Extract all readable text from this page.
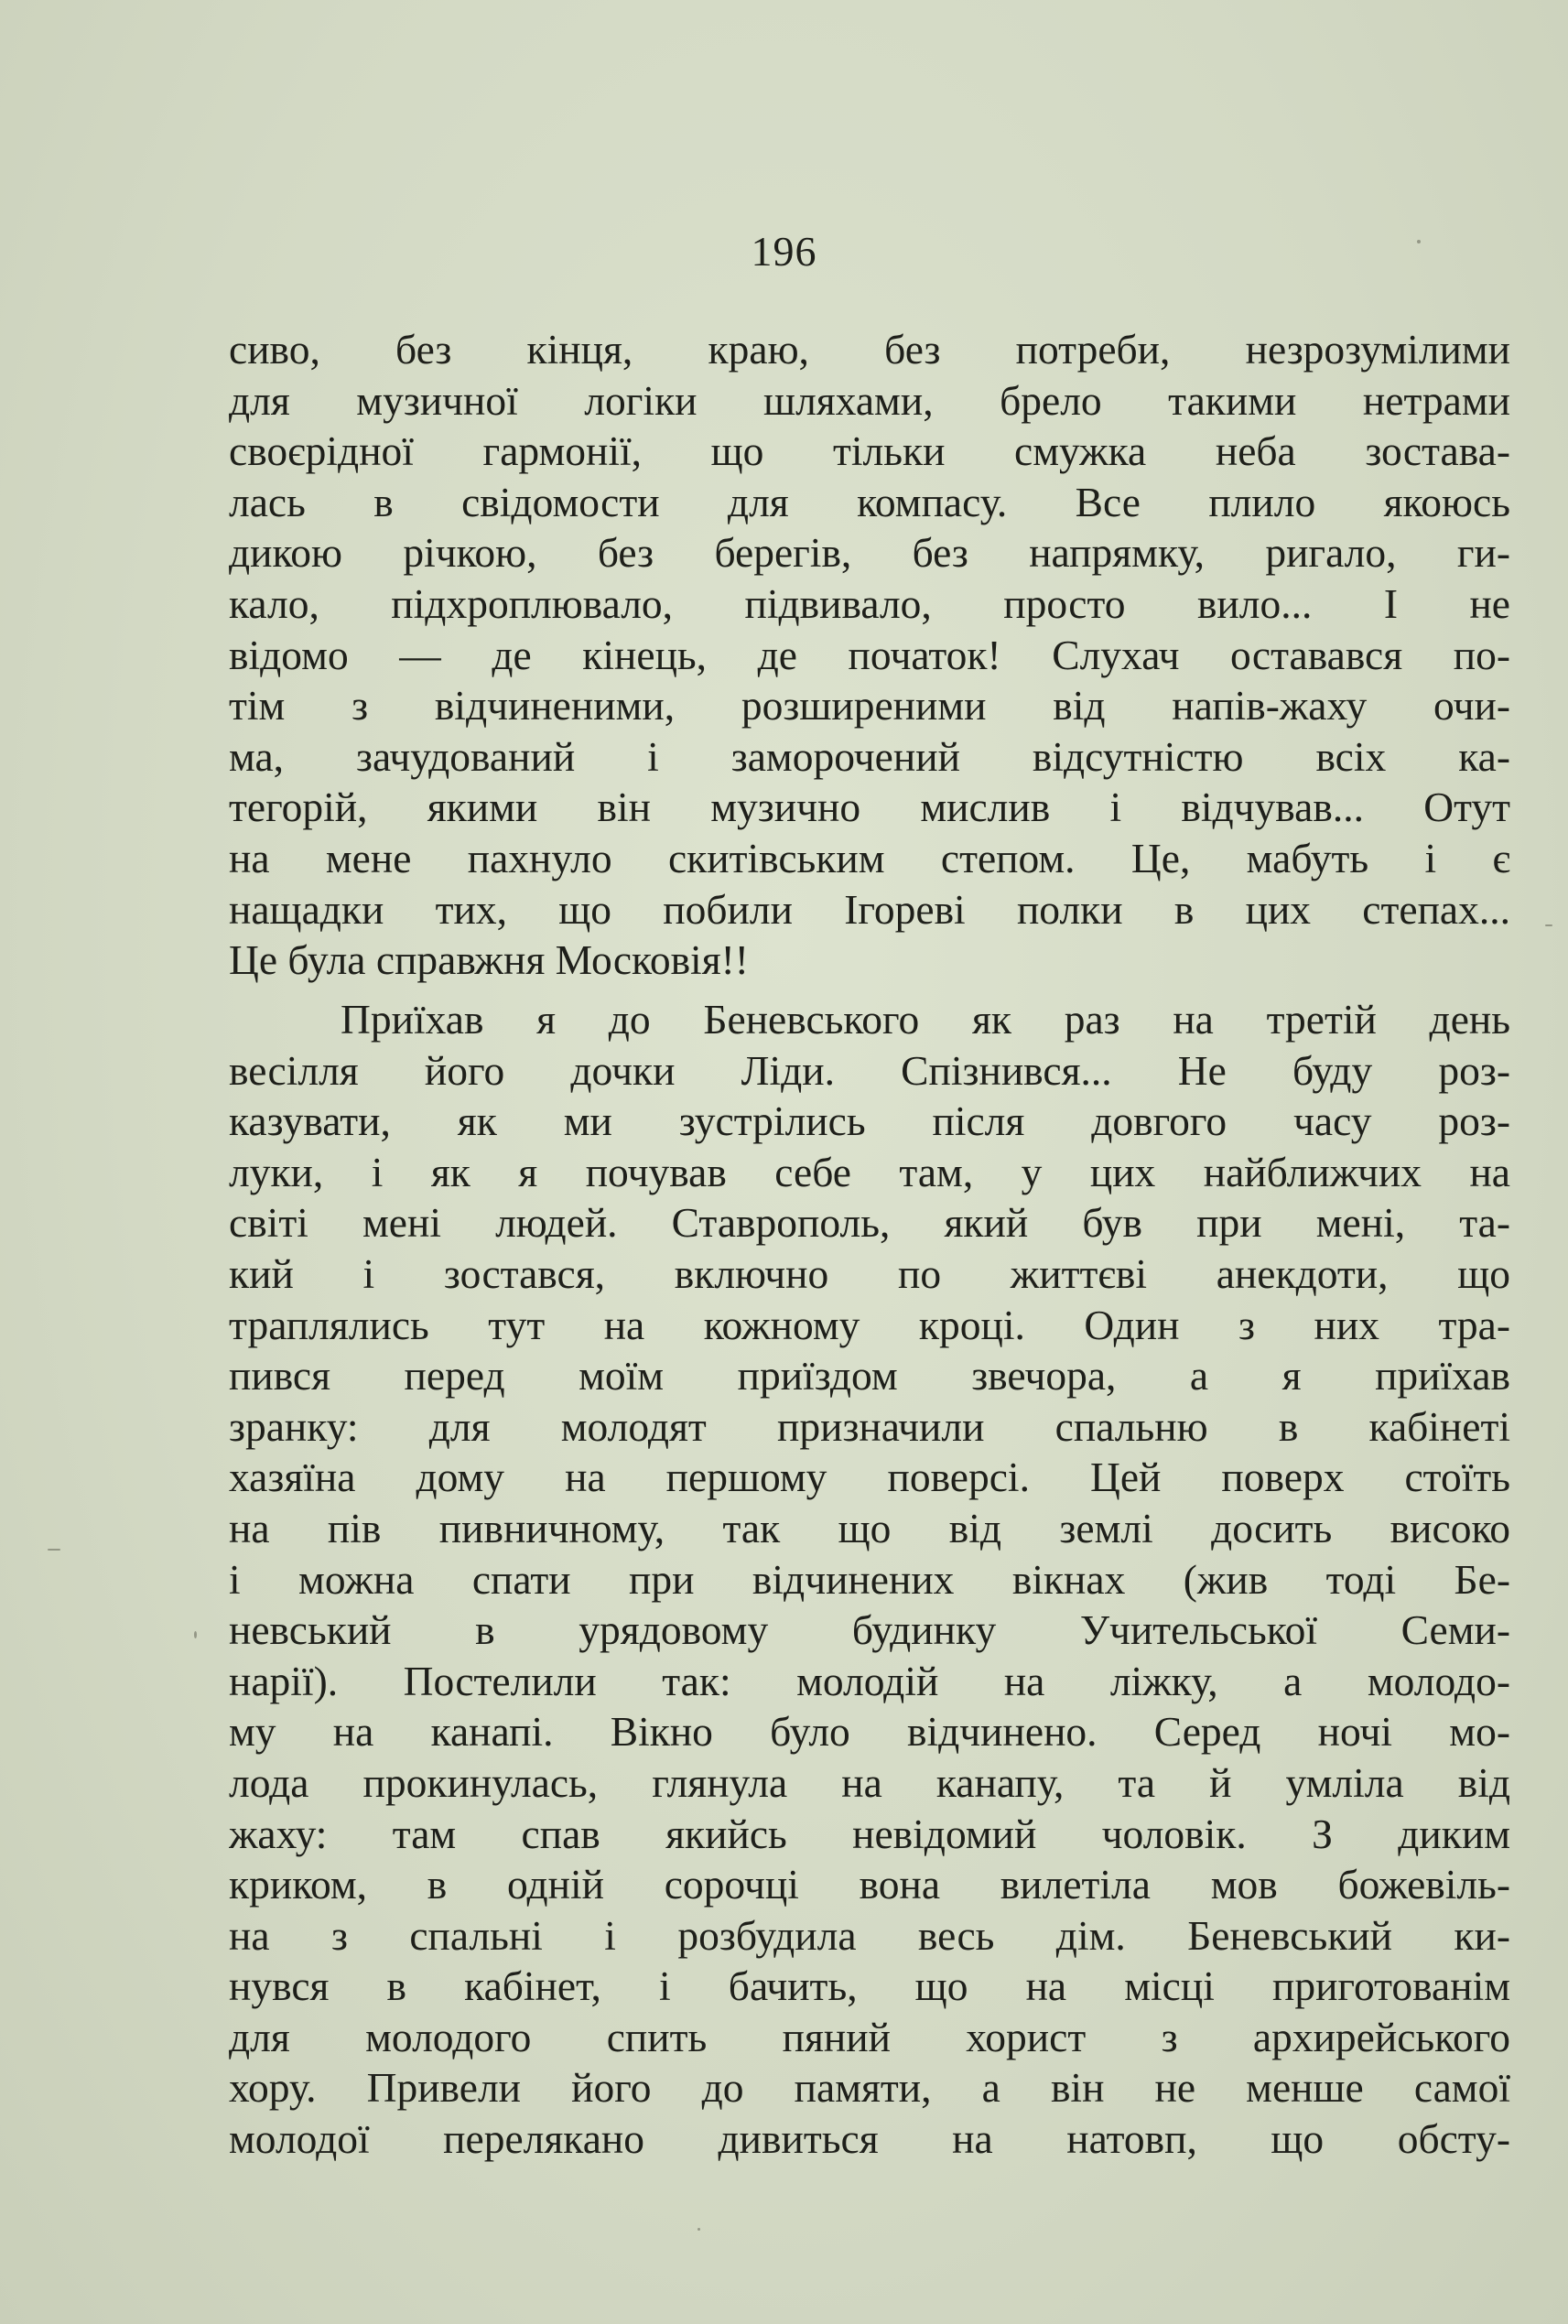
196
сиво, без кінця, краю, без потреби, незрозумілими
для музичної логіки шляхами, брело такими нетрами
своєрідної гармонії, що тільки смужка неба зостава-
лась в свідомости для компасу. Все плило якоюсь
дикою річкою, без берегів, без напрямку, ригало, ги-
кало, підхроплювало, підвивало, просто вило... І не
відомо — де кінець, де початок! Слухач оставався по-
тім з відчиненими, розширеними від напів-жаху очи-
ма, зачудований і заморочений відсутністю всіх ка-
тегорій, якими він музично мислив і відчував... Отут
на мене пахнуло скитівським степом. Це, мабуть і є
нащадки тих, що побили Ігореві полки в цих степах...
Це була справжня Московія!!
Приїхав я до Беневського як раз на третій день
весілля його дочки Ліди. Спізнився... Не буду роз-
казувати, як ми зустрілись після довгого часу роз-
луки, і як я почував себе там, у цих найближчих на
світі мені людей. Ставрополь, який був при мені, та-
кий і зостався, включно по життєві анекдоти, що
траплялись тут на кожному кроці. Один з них тра-
пився перед моїм приїздом звечора, а я приїхав
зранку: для молодят призначили спальню в кабінеті
хазяїна дому на першому поверсі. Цей поверх стоїть
на пів пивничному, так що від землі досить високо
і можна спати при відчинених вікнах (жив тоді Бе-
невський в урядовому будинку Учительської Семи-
нарії). Постелили так: молодій на ліжку, а молодо-
му на канапі. Вікно було відчинено. Серед ночі мо-
лода прокинулась, глянула на канапу, та й умліла від
жаху: там спав якийсь невідомий чоловік. З диким
криком, в одній сорочці вона вилетіла мов божевіль-
на з спальні і розбудила весь дім. Беневський ки-
нувся в кабінет, і бачить, що на місці приготованім
для молодого спить пяний хорист з архирейського
хору. Привели його до памяти, а він не менше самої
молодої перелякано дивиться на натовп, що обсту-
